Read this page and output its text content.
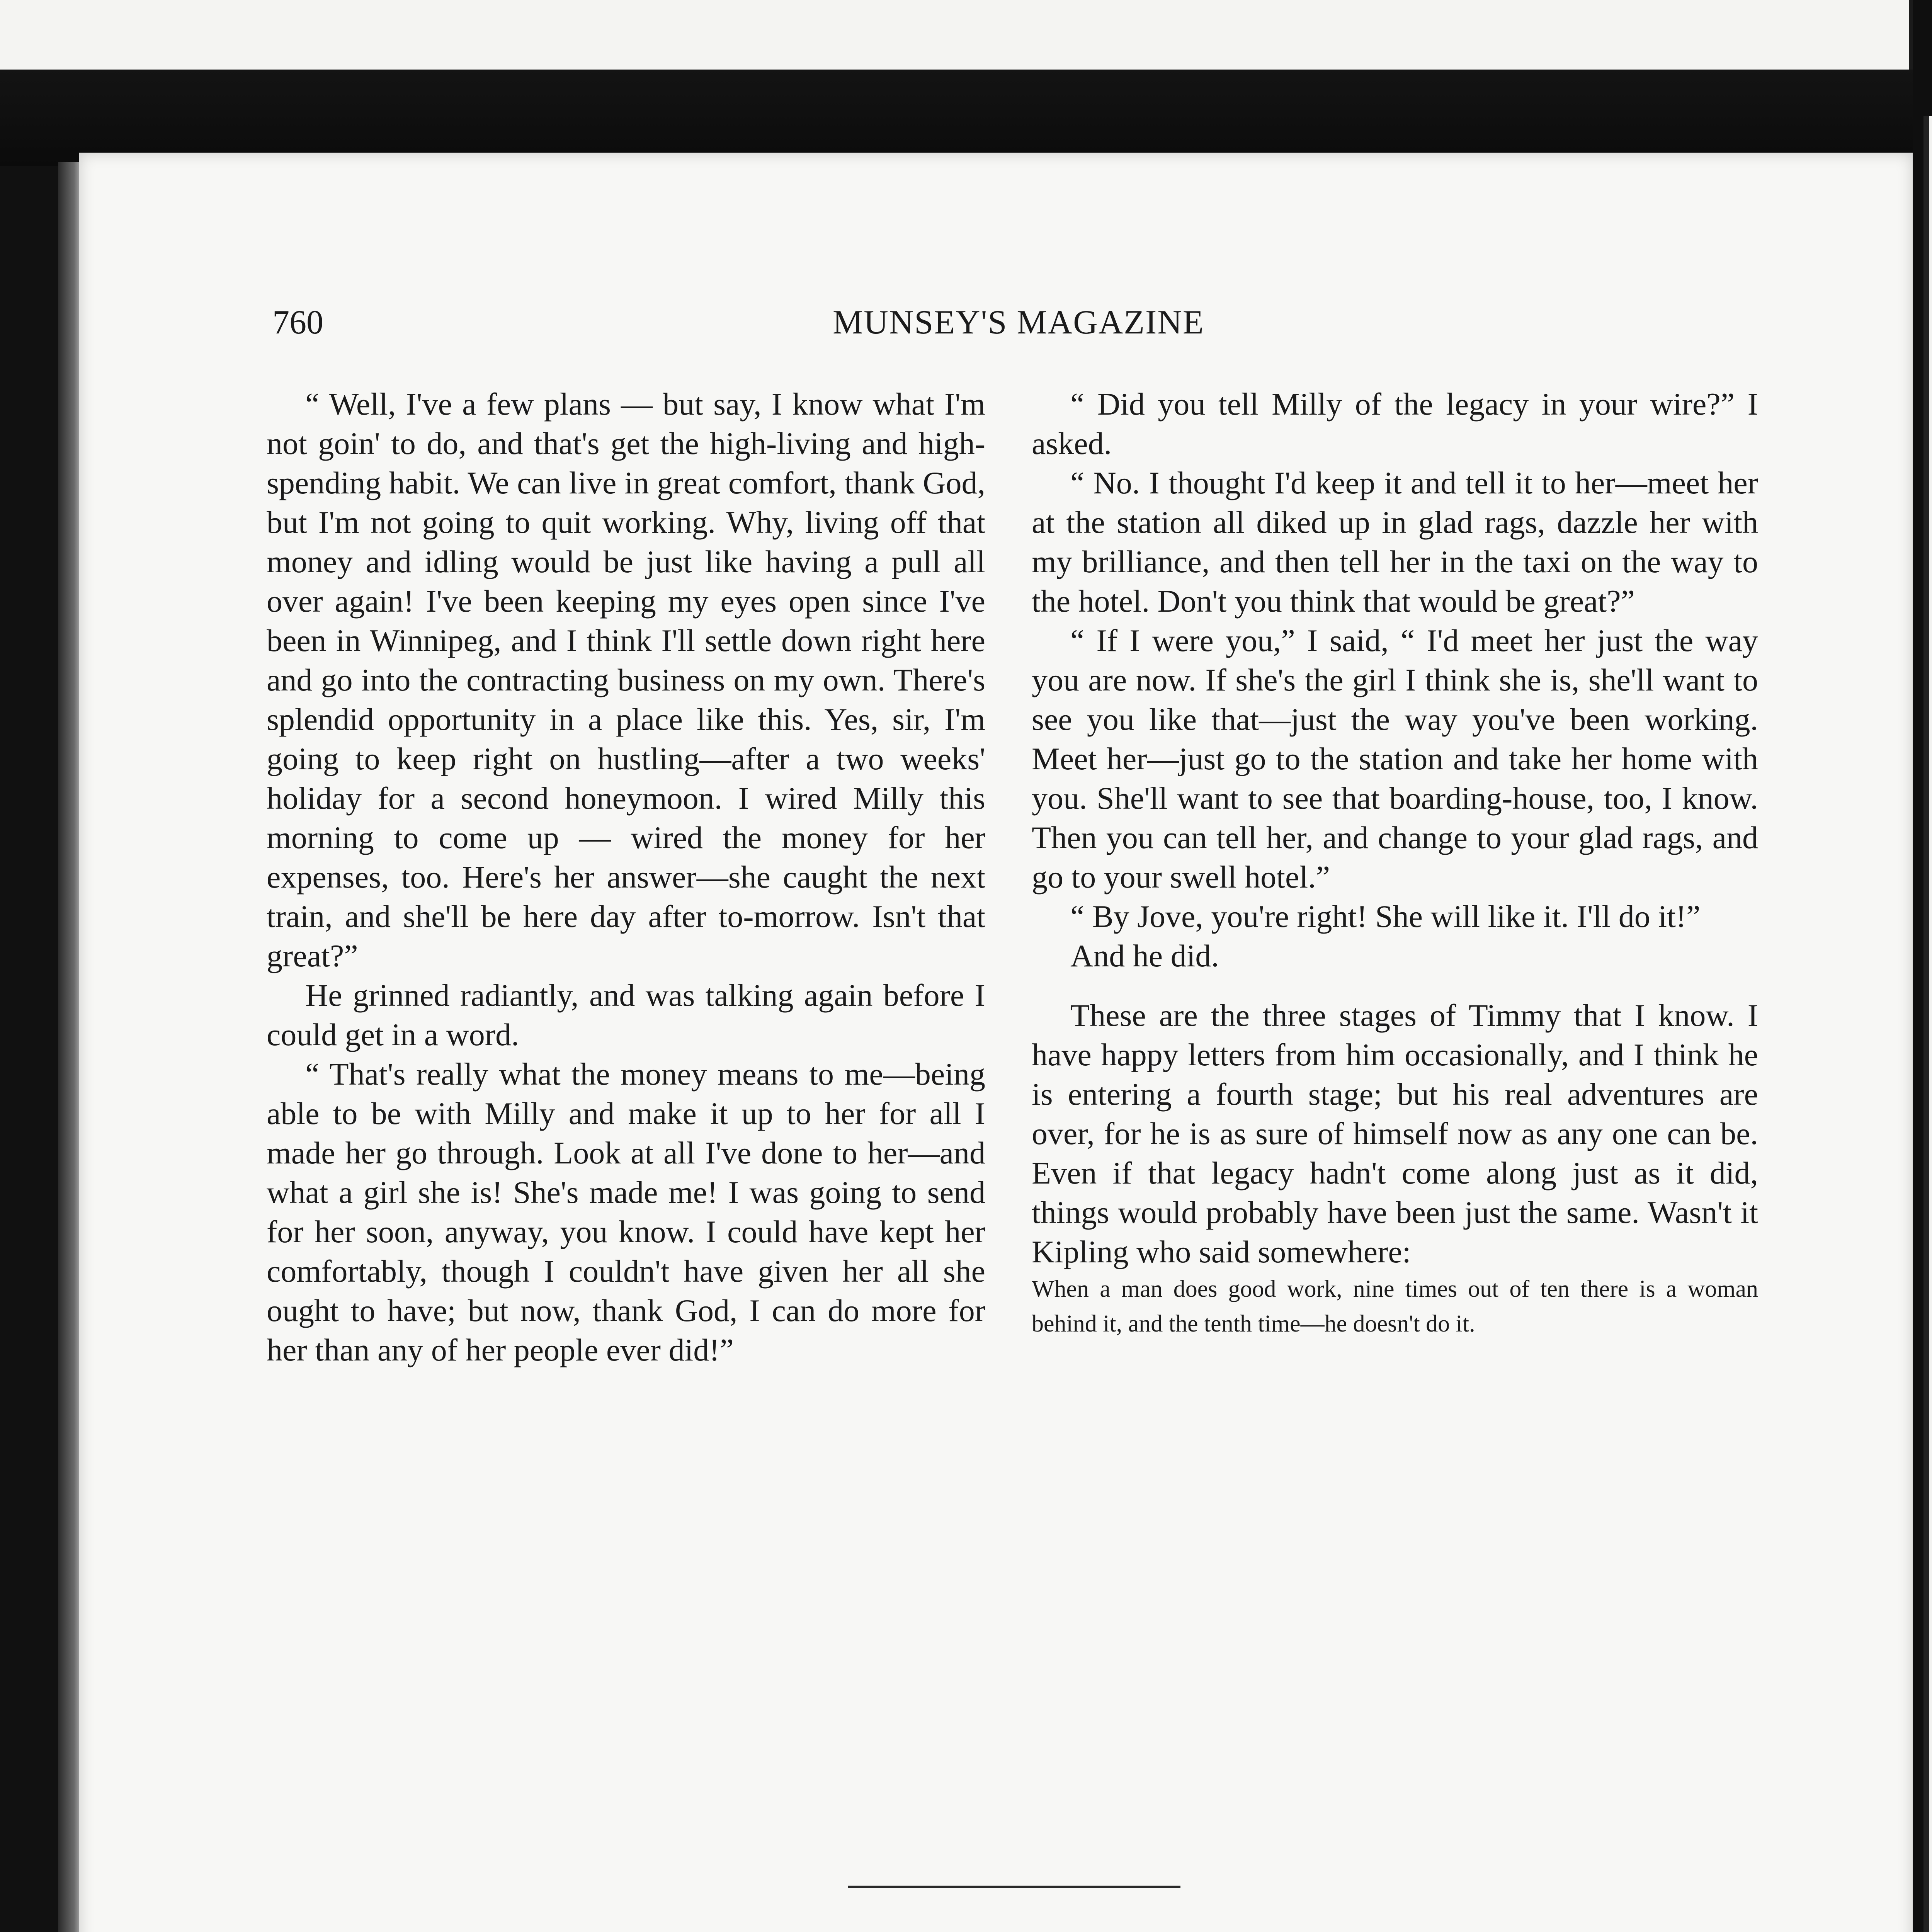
760	MUNSEY'S MAGAZINE

“ Well, I've a few plans — but say, I know what I'm not goin' to do, and that's get the high-living and high-spending habit. We can live in great comfort, thank God, but I'm not going to quit working. Why, living off that money and idling would be just like having a pull all over again! I've been keeping my eyes open since I've been in Winnipeg, and I think I'll settle down right here and go into the contracting business on my own. There's splendid opportunity in a place like this. Yes, sir, I'm going to keep right on hustling—after a two weeks' holiday for a second honeymoon. I wired Milly this morning to come up — wired the money for her expenses, too. Here's her answer—she caught the next train, and she'll be here day after to-morrow. Isn't that great?”

He grinned radiantly, and was talking again before I could get in a word.

“ That's really what the money means to me—being able to be with Milly and make it up to her for all I made her go through. Look at all I've done to her—and what a girl she is! She's made me! I was going to send for her soon, anyway, you know. I could have kept her comfortably, though I couldn't have given her all she ought to have; but now, thank God, I can do more for her than any of her people ever did!”

“ Did you tell Milly of the legacy in your wire?” I asked.

“ No. I thought I'd keep it and tell it to her—meet her at the station all diked up in glad rags, dazzle her with my brilliance, and then tell her in the taxi on the way to the hotel. Don't you think that would be great?”

“ If I were you,” I said, “ I'd meet her just the way you are now. If she's the girl I think she is, she'll want to see you like that—just the way you've been working. Meet her—just go to the station and take her home with you. She'll want to see that boarding-house, too, I know. Then you can tell her, and change to your glad rags, and go to your swell hotel.”

“ By Jove, you're right! She will like it. I'll do it!”

And he did.

These are the three stages of Timmy that I know. I have happy letters from him occasionally, and I think he is entering a fourth stage; but his real adventures are over, for he is as sure of himself now as any one can be. Even if that legacy hadn't come along just as it did, things would probably have been just the same. Wasn't it Kipling who said somewhere:

When a man does good work, nine times out of ten there is a woman behind it, and the tenth time—he doesn't do it.
